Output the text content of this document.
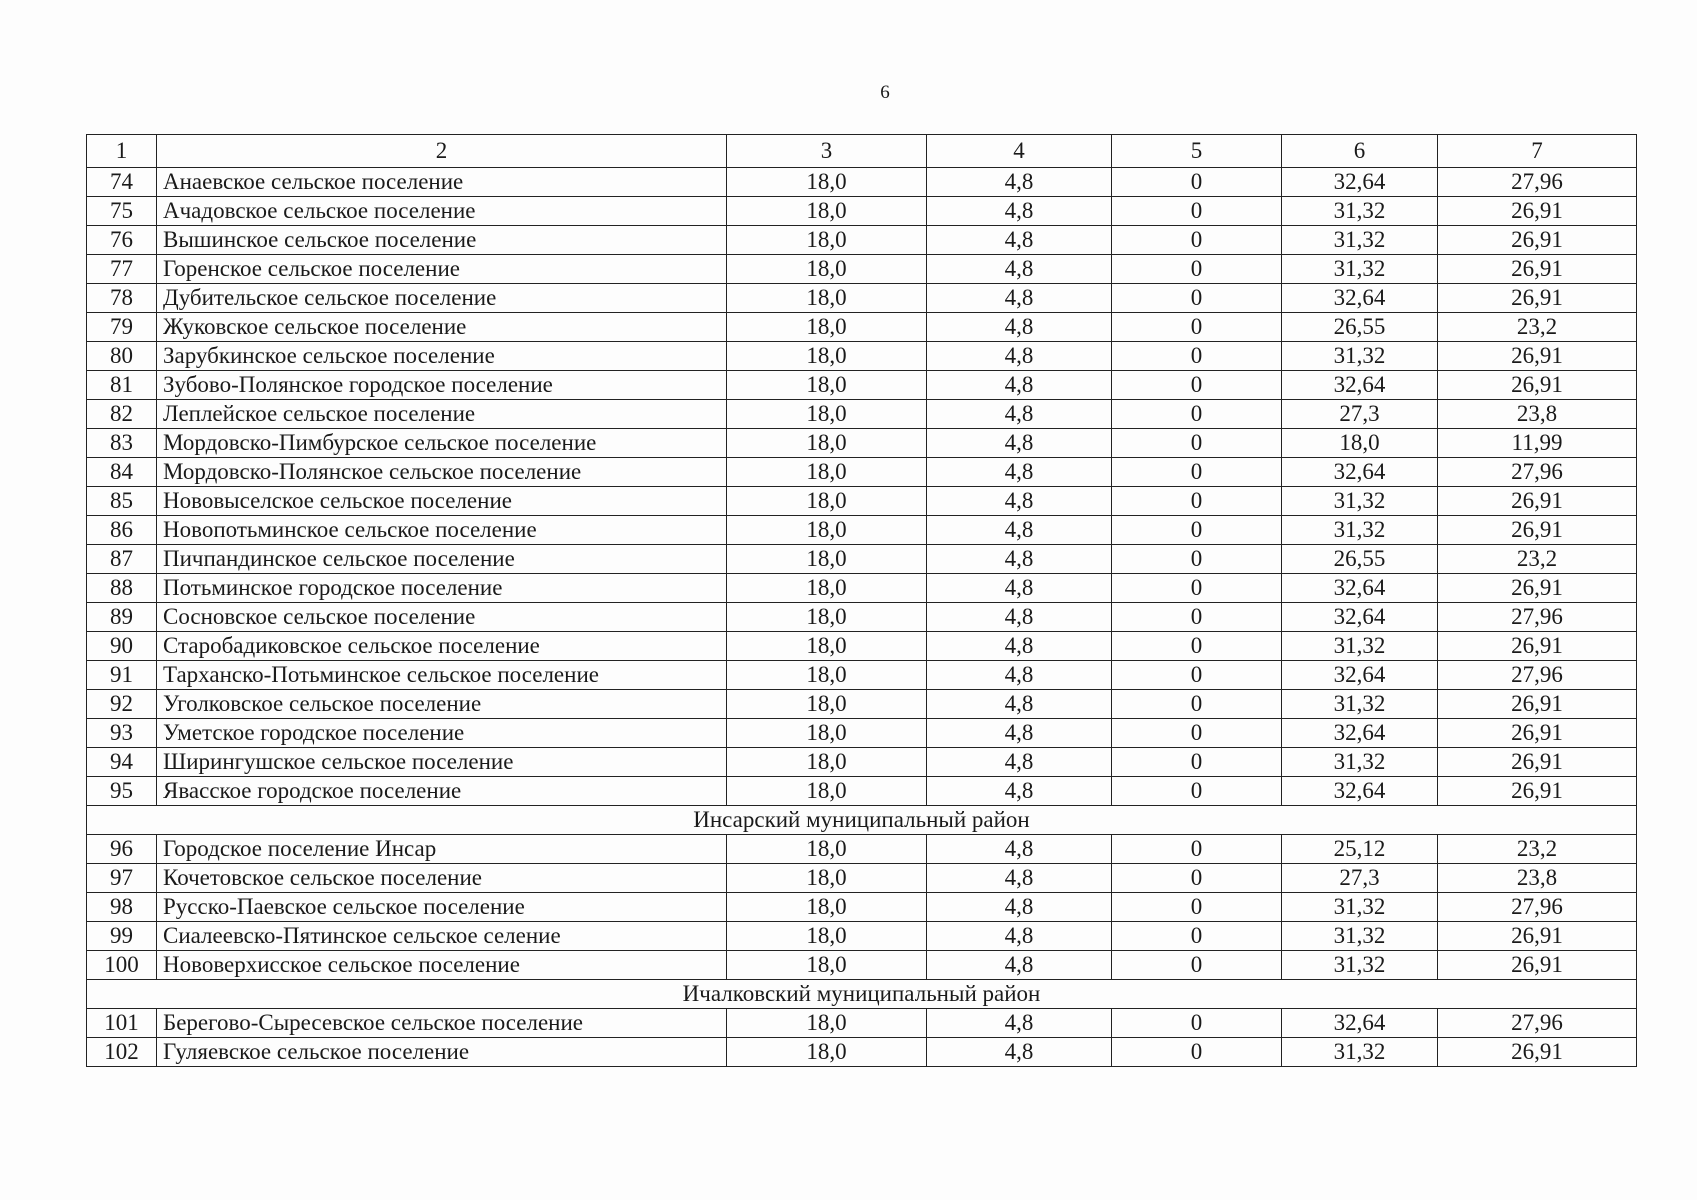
6
1	2	3	4	5	6	7
74	Анаевское сельское поселение	18,0	4,8	0	32,64	27,96
75	Ачадовское сельское поселение	18,0	4,8	0	31,32	26,91
76	Вышинское сельское поселение	18,0	4,8	0	31,32	26,91
77	Горенское сельское поселение	18,0	4,8	0	31,32	26,91
78	Дубительское сельское поселение	18,0	4,8	0	32,64	26,91
79	Жуковское сельское поселение	18,0	4,8	0	26,55	23,2
80	Зарубкинское сельское поселение	18,0	4,8	0	31,32	26,91
81	Зубово-Полянское городское поселение	18,0	4,8	0	32,64	26,91
82	Леплейское сельское поселение	18,0	4,8	0	27,3	23,8
83	Мордовско-Пимбурское сельское поселение	18,0	4,8	0	18,0	11,99
84	Мордовско-Полянское сельское поселение	18,0	4,8	0	32,64	27,96
85	Нововыселское сельское поселение	18,0	4,8	0	31,32	26,91
86	Новопотьминское сельское поселение	18,0	4,8	0	31,32	26,91
87	Пичпандинское сельское поселение	18,0	4,8	0	26,55	23,2
88	Потьминское городское поселение	18,0	4,8	0	32,64	26,91
89	Сосновское сельское поселение	18,0	4,8	0	32,64	27,96
90	Старобадиковское сельское поселение	18,0	4,8	0	31,32	26,91
91	Тарханско-Потьминское сельское поселение	18,0	4,8	0	32,64	27,96
92	Уголковское сельское поселение	18,0	4,8	0	31,32	26,91
93	Уметское городское поселение	18,0	4,8	0	32,64	26,91
94	Ширингушское сельское поселение	18,0	4,8	0	31,32	26,91
95	Явасское городское поселение	18,0	4,8	0	32,64	26,91
Инсарский муниципальный район						
96	Городское поселение Инсар	18,0	4,8	0	25,12	23,2
97	Кочетовское сельское поселение	18,0	4,8	0	27,3	23,8
98	Русско-Паевское сельское поселение	18,0	4,8	0	31,32	27,96
99	Сиалеевско-Пятинское сельское селение	18,0	4,8	0	31,32	26,91
100	Нововерхисское сельское поселение	18,0	4,8	0	31,32	26,91
Ичалковский муниципальный район						
101	Берегово-Сыресевское сельское поселение	18,0	4,8	0	32,64	27,96
102	Гуляевское сельское поселение	18,0	4,8	0	31,32	26,91
